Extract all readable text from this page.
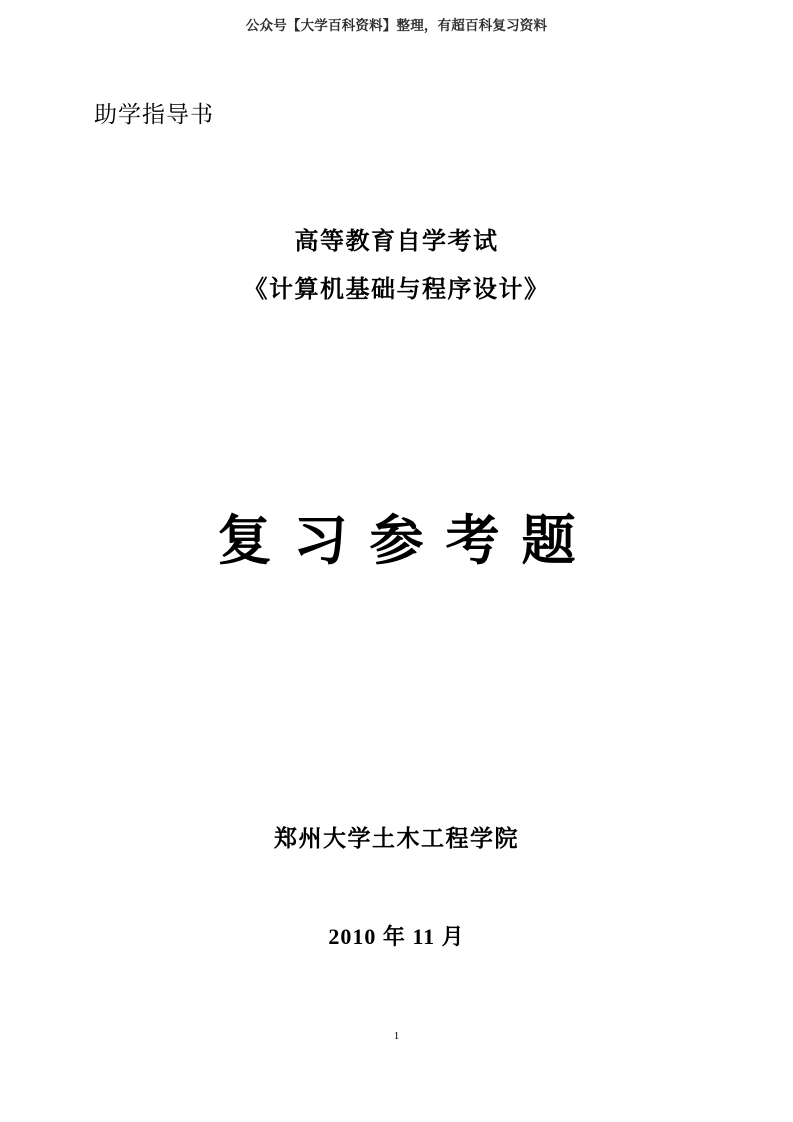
公众号【大学百科资料】整理，有超百科复习资料
助学指导书
高等教育自学考试
《计算机基础与程序设计》
复习参考题
郑州大学土木工程学院
2010 年 11 月
1
